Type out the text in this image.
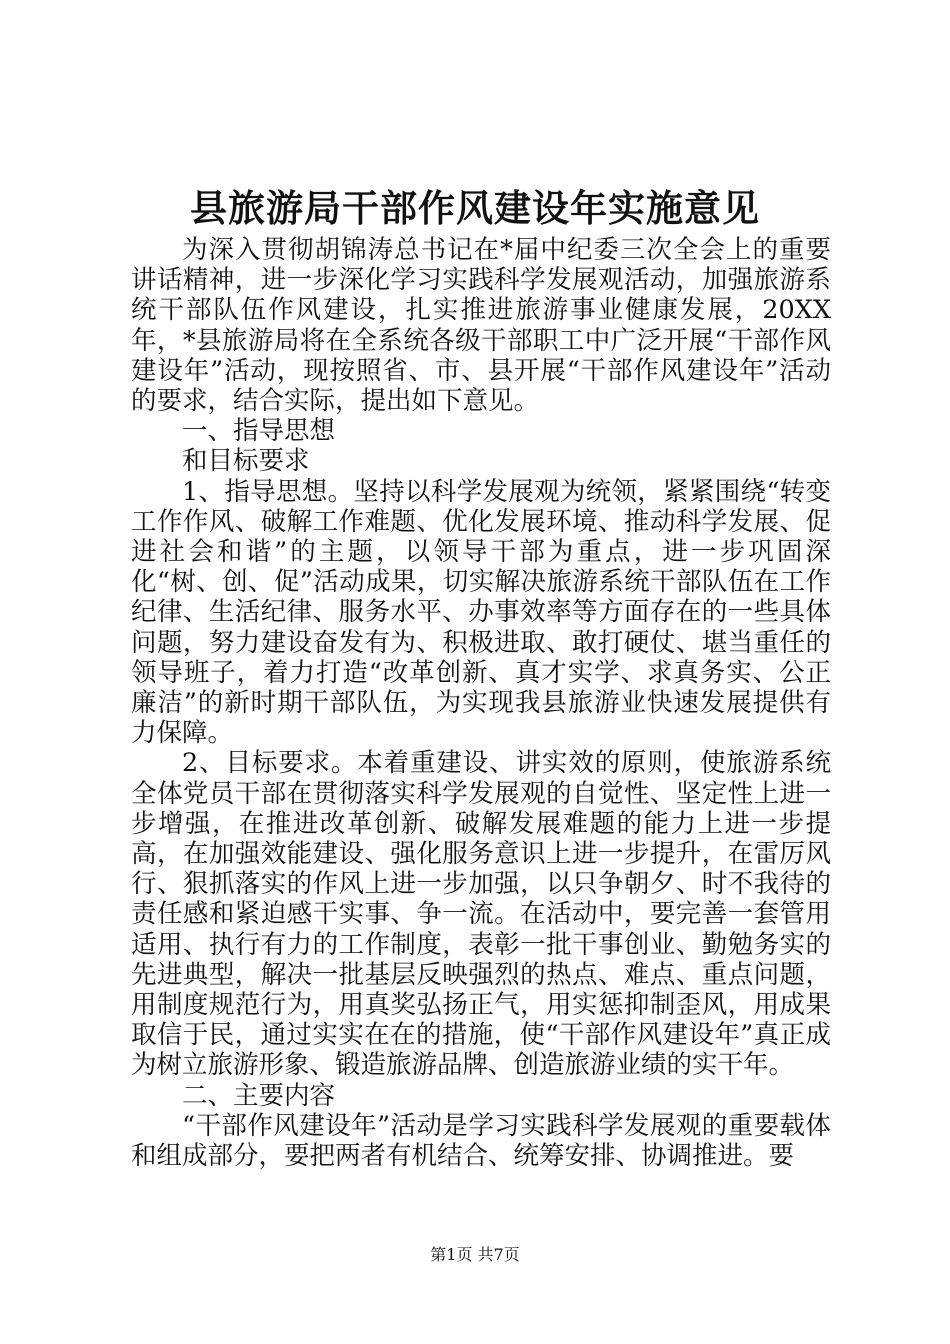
县旅游局干部作风建设年实施意见

为深入贯彻胡锦涛总书记在*届中纪委三次全会上的重要讲话精神，进一步深化学习实践科学发展观活动，加强旅游系统干部队伍作风建设，扎实推进旅游事业健康发展，20XX年，*县旅游局将在全系统各级干部职工中广泛开展“干部作风建设年”活动，现按照省、市、县开展“干部作风建设年”活动的要求，结合实际，提出如下意见。

一、指导思想

和目标要求

1、指导思想。坚持以科学发展观为统领，紧紧围绕“转变工作作风、破解工作难题、优化发展环境、推动科学发展、促进社会和谐”的主题，以领导干部为重点，进一步巩固深化“树、创、促”活动成果，切实解决旅游系统干部队伍在工作纪律、生活纪律、服务水平、办事效率等方面存在的一些具体问题，努力建设奋发有为、积极进取、敢打硬仗、堪当重任的领导班子，着力打造“改革创新、真才实学、求真务实、公正廉洁”的新时期干部队伍，为实现我县旅游业快速发展提供有力保障。

2、目标要求。本着重建设、讲实效的原则，使旅游系统全体党员干部在贯彻落实科学发展观的自觉性、坚定性上进一步增强，在推进改革创新、破解发展难题的能力上进一步提高，在加强效能建设、强化服务意识上进一步提升，在雷厉风行、狠抓落实的作风上进一步加强，以只争朝夕、时不我待的责任感和紧迫感干实事、争一流。在活动中，要完善一套管用适用、执行有力的工作制度，表彰一批干事创业、勤勉务实的先进典型，解决一批基层反映强烈的热点、难点、重点问题，用制度规范行为，用真奖弘扬正气，用实惩抑制歪风，用成果取信于民，通过实实在在的措施，使“干部作风建设年”真正成为树立旅游形象、锻造旅游品牌、创造旅游业绩的实干年。

二、主要内容

“干部作风建设年”活动是学习实践科学发展观的重要载体和组成部分，要把两者有机结合、统筹安排、协调推进。要

第1页 共7页
